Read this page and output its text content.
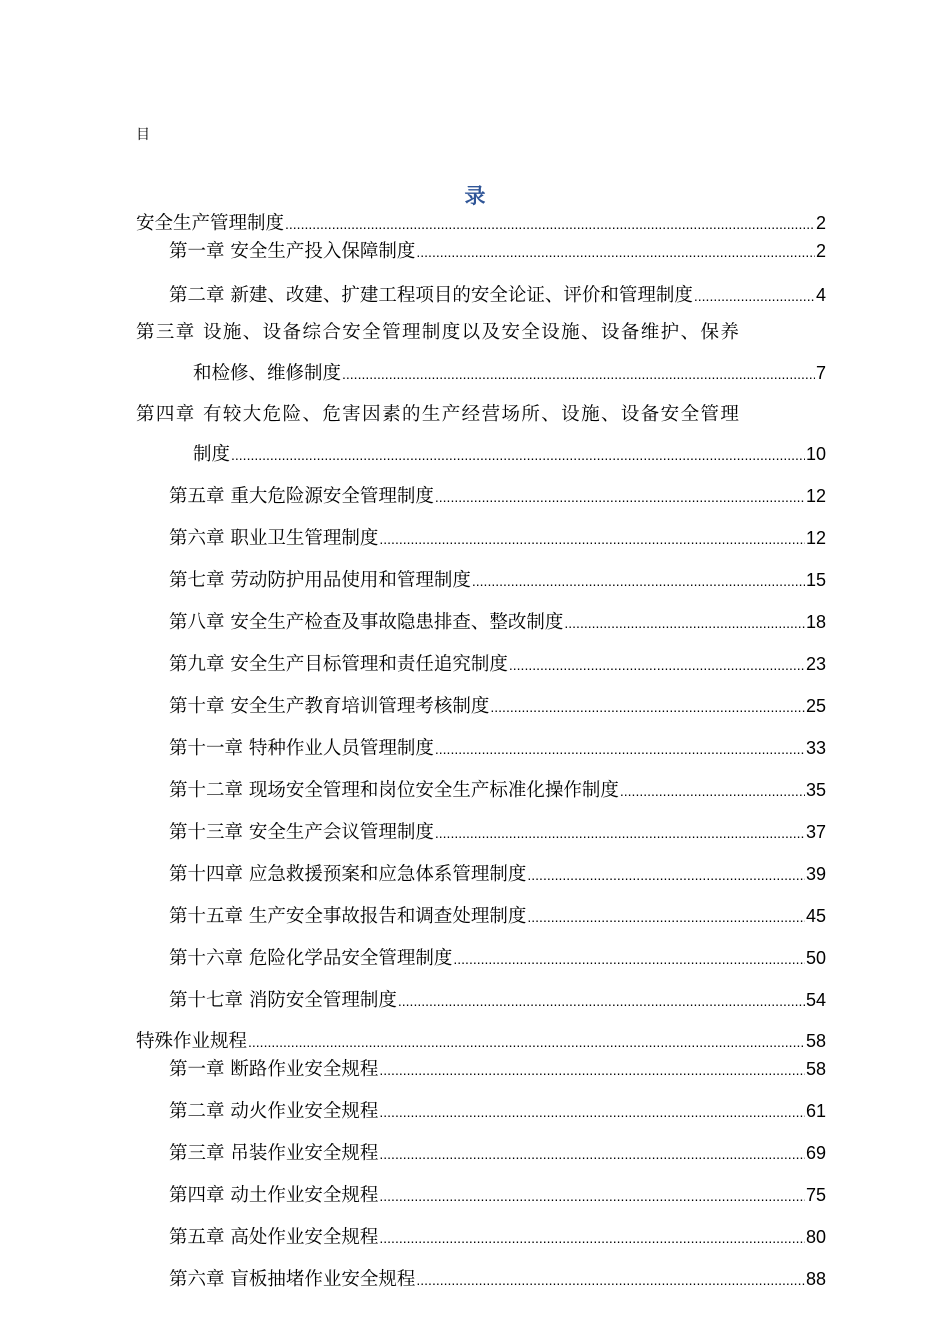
目
录
安全生产管理制度 .....	2
第一章 安全生产投入保障制度 .....	2
第二章 新建、改建、扩建工程项目的安全论证、评价和管理制度 .....	4
第三章 设施、设备综合安全管理制度以及安全设施、设备维护、保养
和检修、维修制度 .....	7
第四章 有较大危险、危害因素的生产经营场所、设施、设备安全管理
制度 .....	10
第五章 重大危险源安全管理制度 .....	12
第六章 职业卫生管理制度 .....	12
第七章 劳动防护用品使用和管理制度 .....	15
第八章 安全生产检查及事故隐患排查、整改制度 .....	18
第九章 安全生产目标管理和责任追究制度 .....	23
第十章 安全生产教育培训管理考核制度 .....	25
第十一章 特种作业人员管理制度 .....	33
第十二章 现场安全管理和岗位安全生产标准化操作制度 .....	35
第十三章 安全生产会议管理制度 .....	37
第十四章 应急救援预案和应急体系管理制度 .....	39
第十五章 生产安全事故报告和调查处理制度 .....	45
第十六章 危险化学品安全管理制度 .....	50
第十七章 消防安全管理制度 .....	54
特殊作业规程 .....	58
第一章 断路作业安全规程 .....	58
第二章 动火作业安全规程 .....	61
第三章 吊装作业安全规程 .....	69
第四章 动土作业安全规程 .....	75
第五章 高处作业安全规程 .....	80
第六章 盲板抽堵作业安全规程 .....	88
